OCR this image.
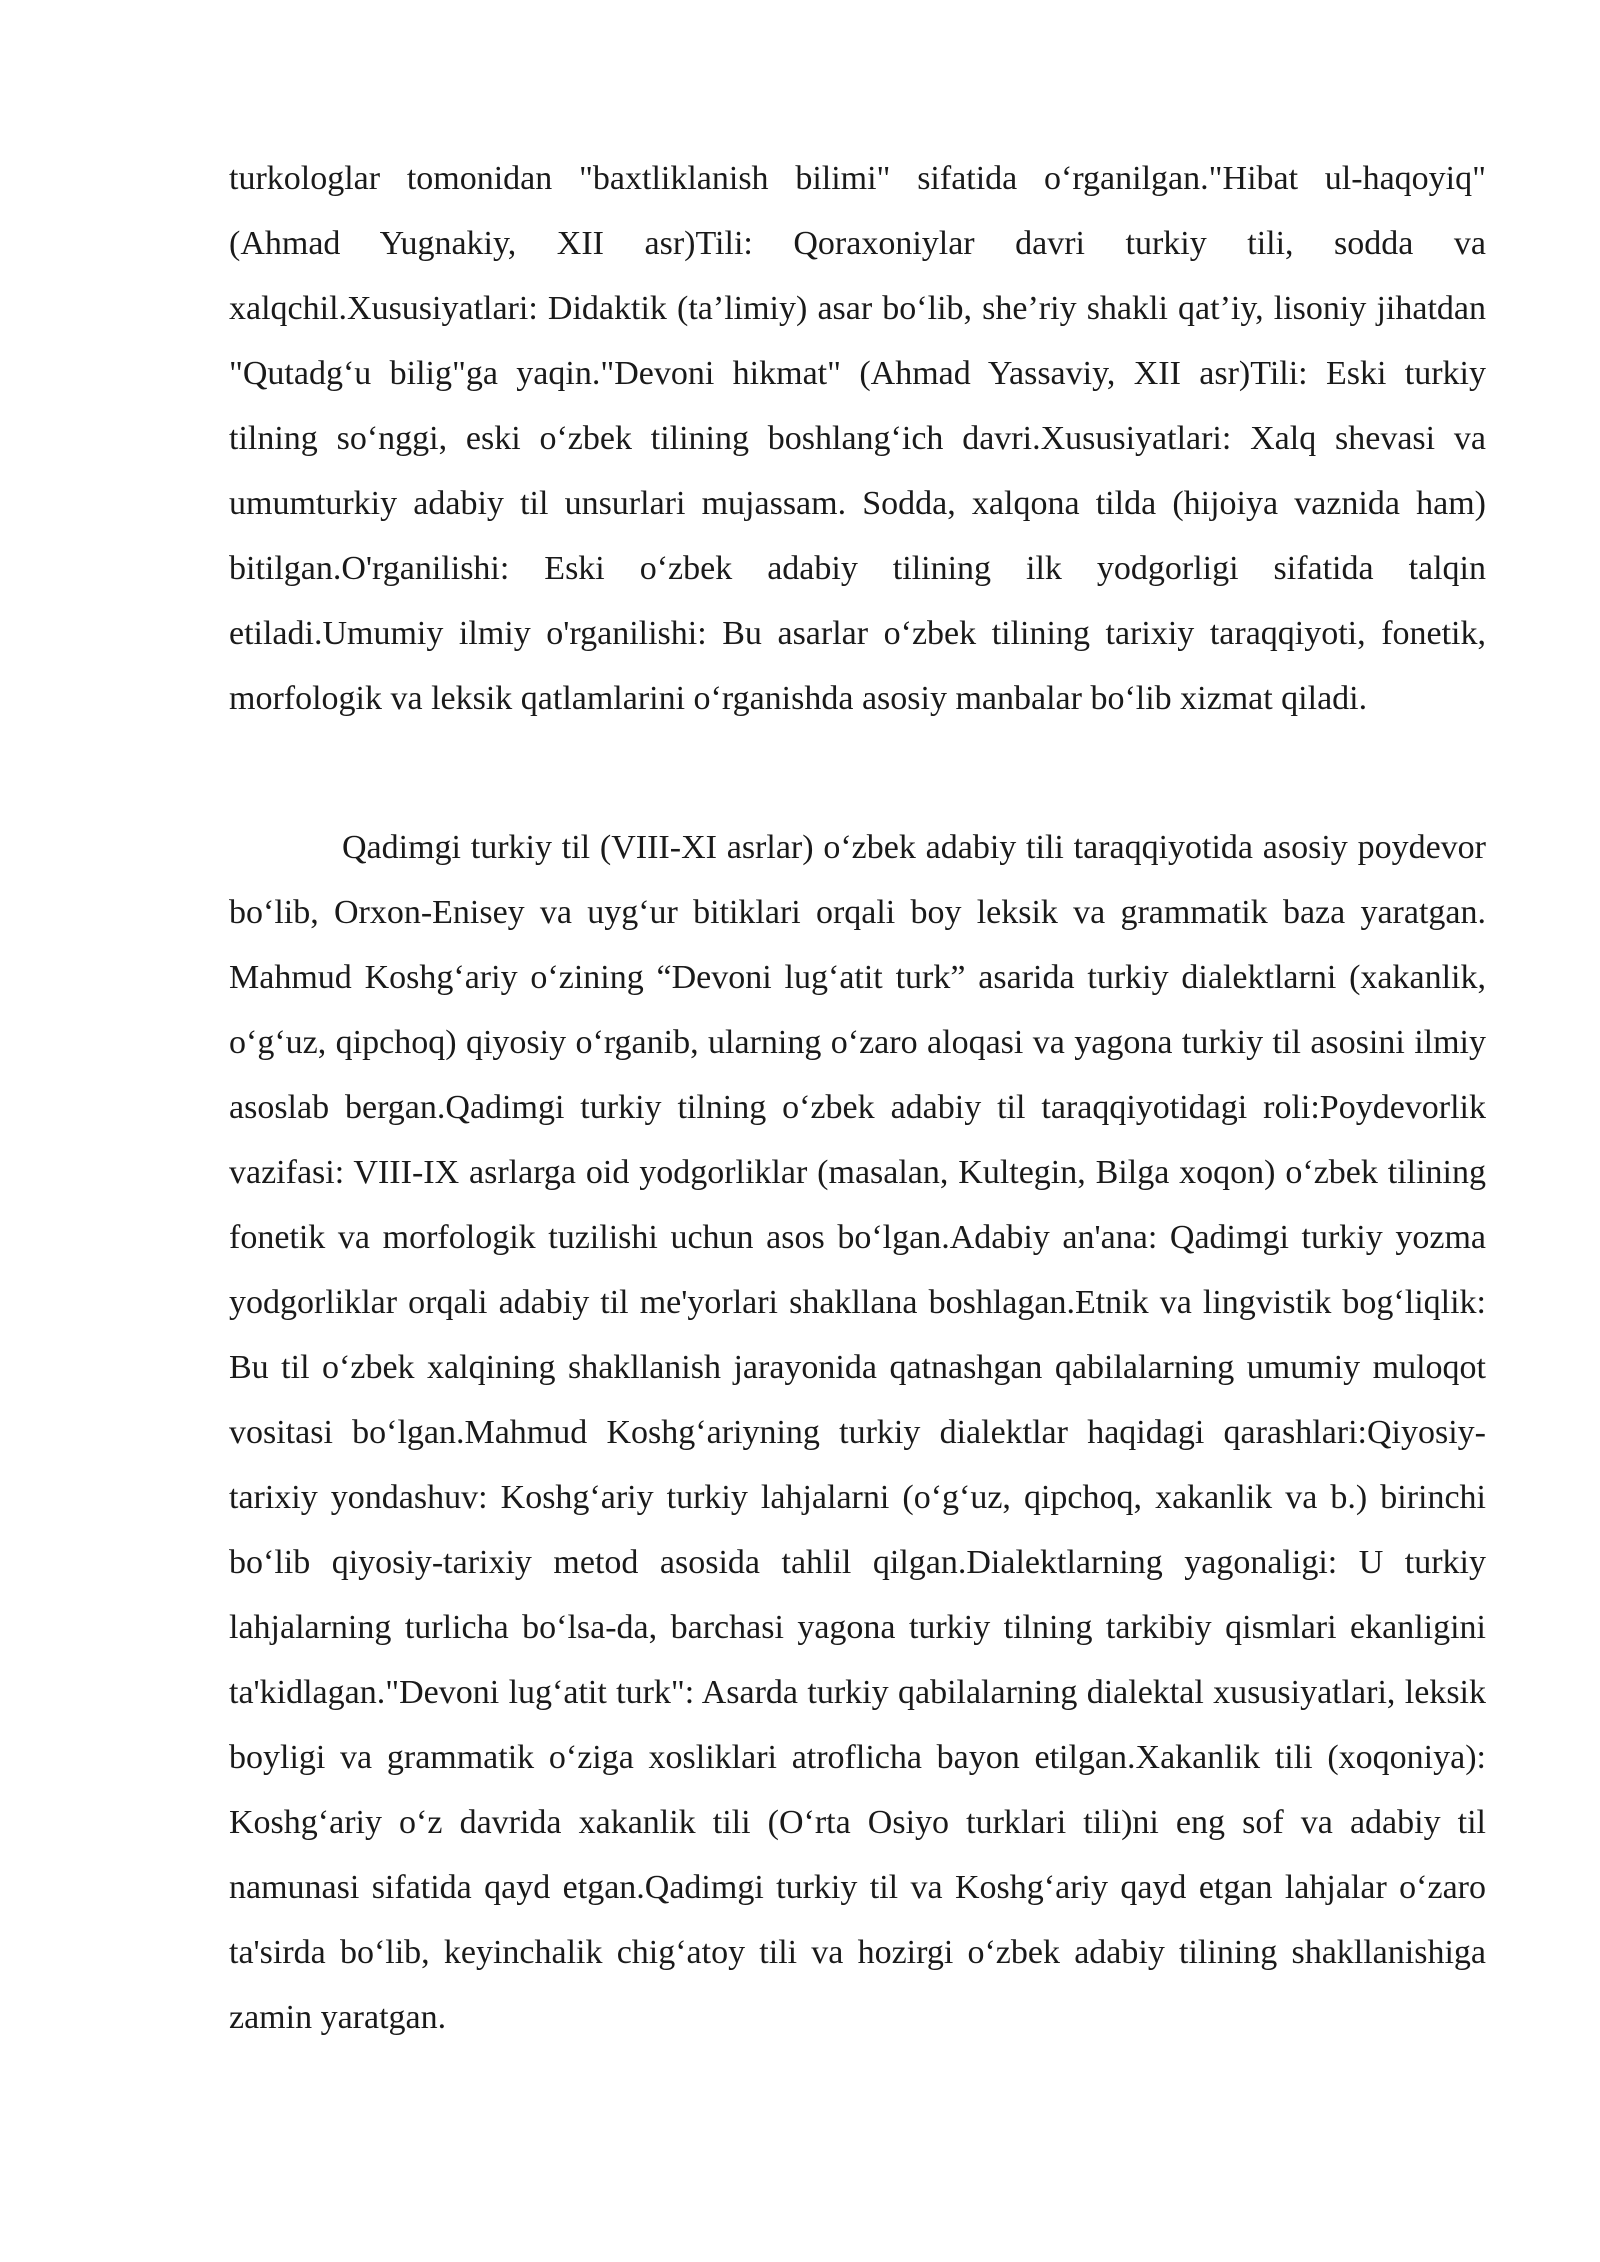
turkologlar tomonidan "baxtliklanish bilimi" sifatida o‘rganilgan."Hibat ul-haqoyiq" (Ahmad Yugnakiy, XII asr)Tili: Qoraxoniylar davri turkiy tili, sodda va xalqchil.Xususiyatlari: Didaktik (ta’limiy) asar bo‘lib, she’riy shakli qat’iy, lisoniy jihatdan "Qutadg‘u bilig"ga yaqin."Devoni hikmat" (Ahmad Yassaviy, XII asr)Tili: Eski turkiy tilning so‘nggi, eski o‘zbek tilining boshlang‘ich davri.Xususiyatlari: Xalq shevasi va umumturkiy adabiy til unsurlari mujassam. Sodda, xalqona tilda (hijoiya vaznida ham) bitilgan.O'rganilishi: Eski o‘zbek adabiy tilining ilk yodgorligi sifatida talqin etiladi.Umumiy ilmiy o'rganilishi: Bu asarlar o‘zbek tilining tarixiy taraqqiyoti, fonetik, morfologik va leksik qatlamlarini o‘rganishda asosiy manbalar bo‘lib xizmat qiladi.

Qadimgi turkiy til (VIII-XI asrlar) o‘zbek adabiy tili taraqqiyotida asosiy poydevor bo‘lib, Orxon-Enisey va uyg‘ur bitiklari orqali boy leksik va grammatik baza yaratgan. Mahmud Koshg‘ariy o‘zining “Devoni lug‘atit turk” asarida turkiy dialektlarni (xakanlik, o‘g‘uz, qipchoq) qiyosiy o‘rganib, ularning o‘zaro aloqasi va yagona turkiy til asosini ilmiy asoslab bergan.Qadimgi turkiy tilning o‘zbek adabiy til taraqqiyotidagi roli:Poydevorlik vazifasi: VIII-IX asrlarga oid yodgorliklar (masalan, Kultegin, Bilga xoqon) o‘zbek tilining fonetik va morfologik tuzilishi uchun asos bo‘lgan.Adabiy an'ana: Qadimgi turkiy yozma yodgorliklar orqali adabiy til me'yorlari shakllana boshlagan.Etnik va lingvistik bog‘liqlik: Bu til o‘zbek xalqining shakllanish jarayonida qatnashgan qabilalarning umumiy muloqot vositasi bo‘lgan.Mahmud Koshg‘ariyning turkiy dialektlar haqidagi qarashlari:Qiyosiy-tarixiy yondashuv: Koshg‘ariy turkiy lahjalarni (o‘g‘uz, qipchoq, xakanlik va b.) birinchi bo‘lib qiyosiy-tarixiy metod asosida tahlil qilgan.Dialektlarning yagonaligi: U turkiy lahjalarning turlicha bo‘lsa-da, barchasi yagona turkiy tilning tarkibiy qismlari ekanligini ta'kidlagan."Devoni lug‘atit turk": Asarda turkiy qabilalarning dialektal xususiyatlari, leksik boyligi va grammatik o‘ziga xosliklari atroflicha bayon etilgan.Xakanlik tili (xoqoniya): Koshg‘ariy o‘z davrida xakanlik tili (O‘rta Osiyo turklari tili)ni eng sof va adabiy til namunasi sifatida qayd etgan.Qadimgi turkiy til va Koshg‘ariy qayd etgan lahjalar o‘zaro ta'sirda bo‘lib, keyinchalik chig‘atoy tili va hozirgi o‘zbek adabiy tilining shakllanishiga zamin yaratgan.
